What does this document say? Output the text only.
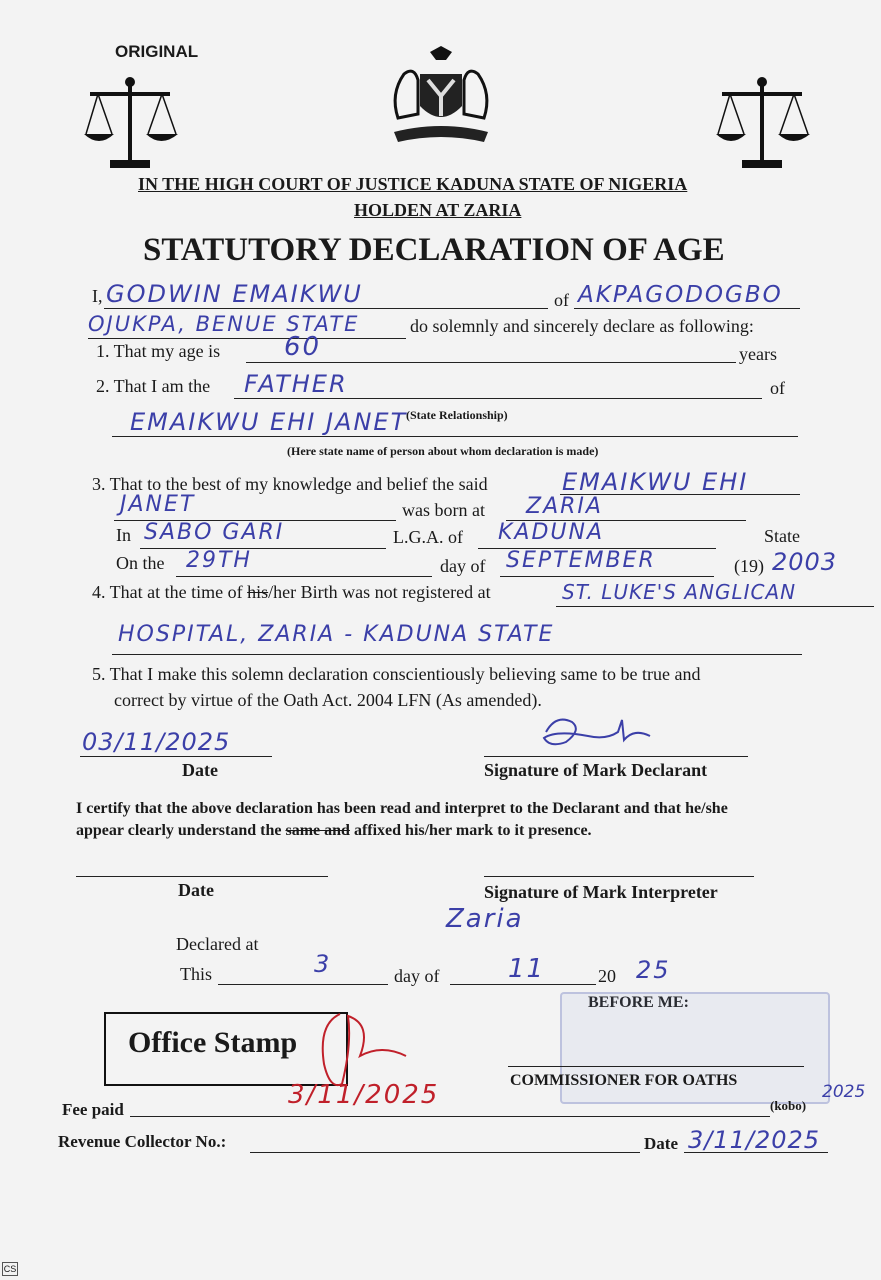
ORIGINAL
IN THE HIGH COURT OF JUSTICE KADUNA STATE OF NIGERIA
HOLDEN AT ZARIA
STATUTORY DECLARATION OF AGE
I, GODWIN EMAIKWU	of AKPAGODOGBO
OJUKPA, BENUE STATE	do solemnly and sincerely declare as following:
1. That my age is 60	years
2. That I am the FATHER	of
(State Relationship)
EMAIKWU EHI JANET
(Here state name of person about whom declaration is made)
3. That to the best of my knowledge and belief the said	EMAIKWU EHI
JANET	was born at ZARIA
In SABO GARI	L.G.A. of KADUNA	State
On the 29TH	day of SEPTEMBER	(19) 2003
4. That at the time of his/her Birth was not registered at	ST. LUKE'S ANGLICAN
HOSPITAL, ZARIA - KADUNA STATE
5. That I make this solemn declaration conscientiously believing same to be true and
correct by virtue of the Oath Act. 2004 LFN (As amended).
03/11/2025
Date	Signature of Mark Declarant
I certify that the above declaration has been read and interpret to the Declarant and that he/she
appear clearly understand the same and affixed his/her mark to it presence.
Date	Signature of Mark Interpreter
Declared at
Zaria
This	3	day of	11	20 25
BEFORE ME:
Office Stamp
COMMISSIONER FOR OATHS
(kobo)
2025
Fee paid	3/11/2025
Revenue Collector No.:	Date 3/11/2025
CS
